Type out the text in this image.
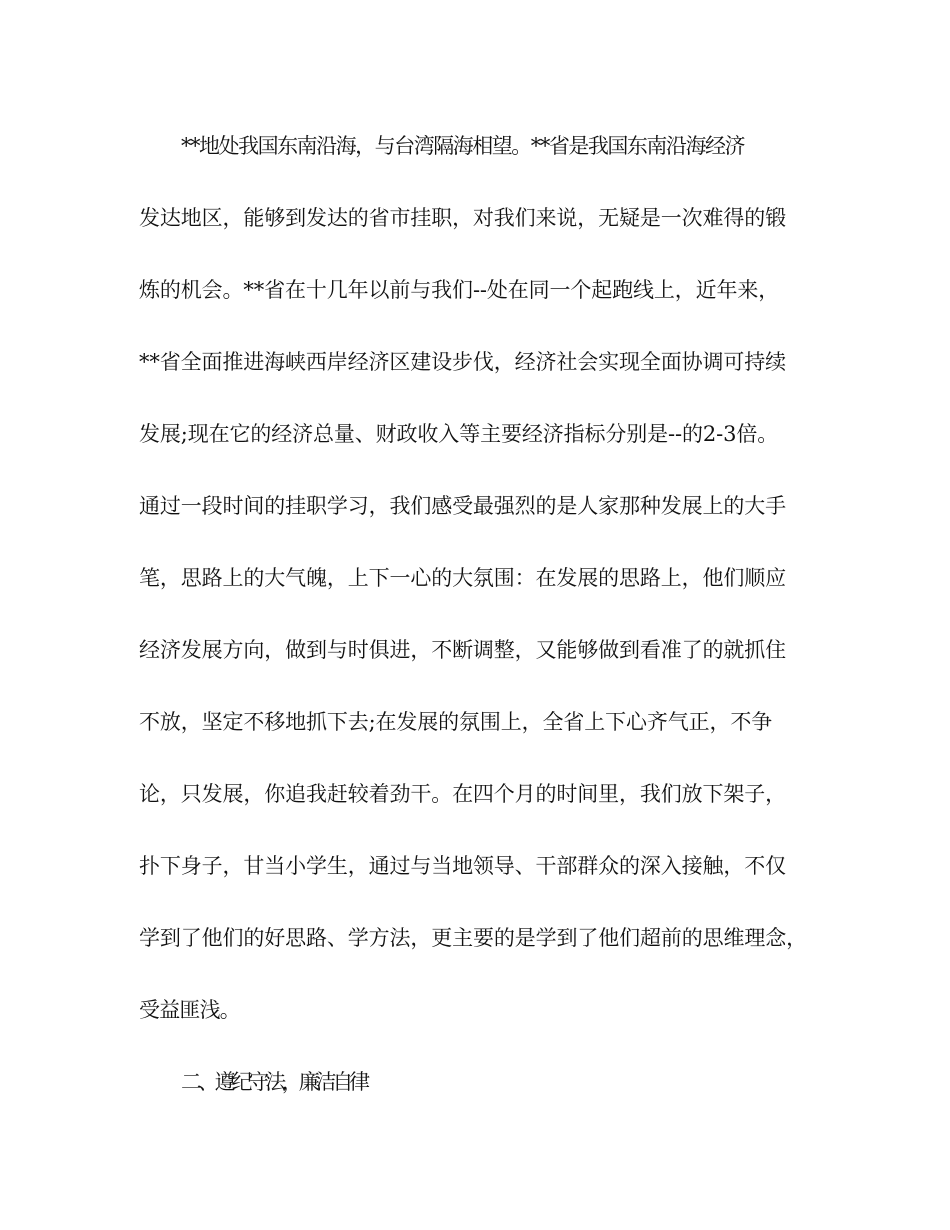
**地处我国东南沿海，与台湾隔海相望。**省是我国东南沿海经济
发达地区，能够到发达的省市挂职，对我们来说，无疑是一次难得的锻
炼的机会。**省在十几年以前与我们--处在同一个起跑线上，近年来，
**省全面推进海峡西岸经济区建设步伐，经济社会实现全面协调可持续
发展;现在它的经济总量、财政收入等主要经济指标分别是--的2-3倍。
通过一段时间的挂职学习，我们感受最强烈的是人家那种发展上的大手
笔，思路上的大气魄，上下一心的大氛围：在发展的思路上，他们顺应
经济发展方向，做到与时俱进，不断调整，又能够做到看准了的就抓住
不放，坚定不移地抓下去;在发展的氛围上，全省上下心齐气正，不争
论，只发展，你追我赶较着劲干。在四个月的时间里，我们放下架子，
扑下身子，甘当小学生，通过与当地领导、干部群众的深入接触，不仅
学到了他们的好思路、学方法，更主要的是学到了他们超前的思维理念，
受益匪浅。
二、遵纪守法，廉洁自律
